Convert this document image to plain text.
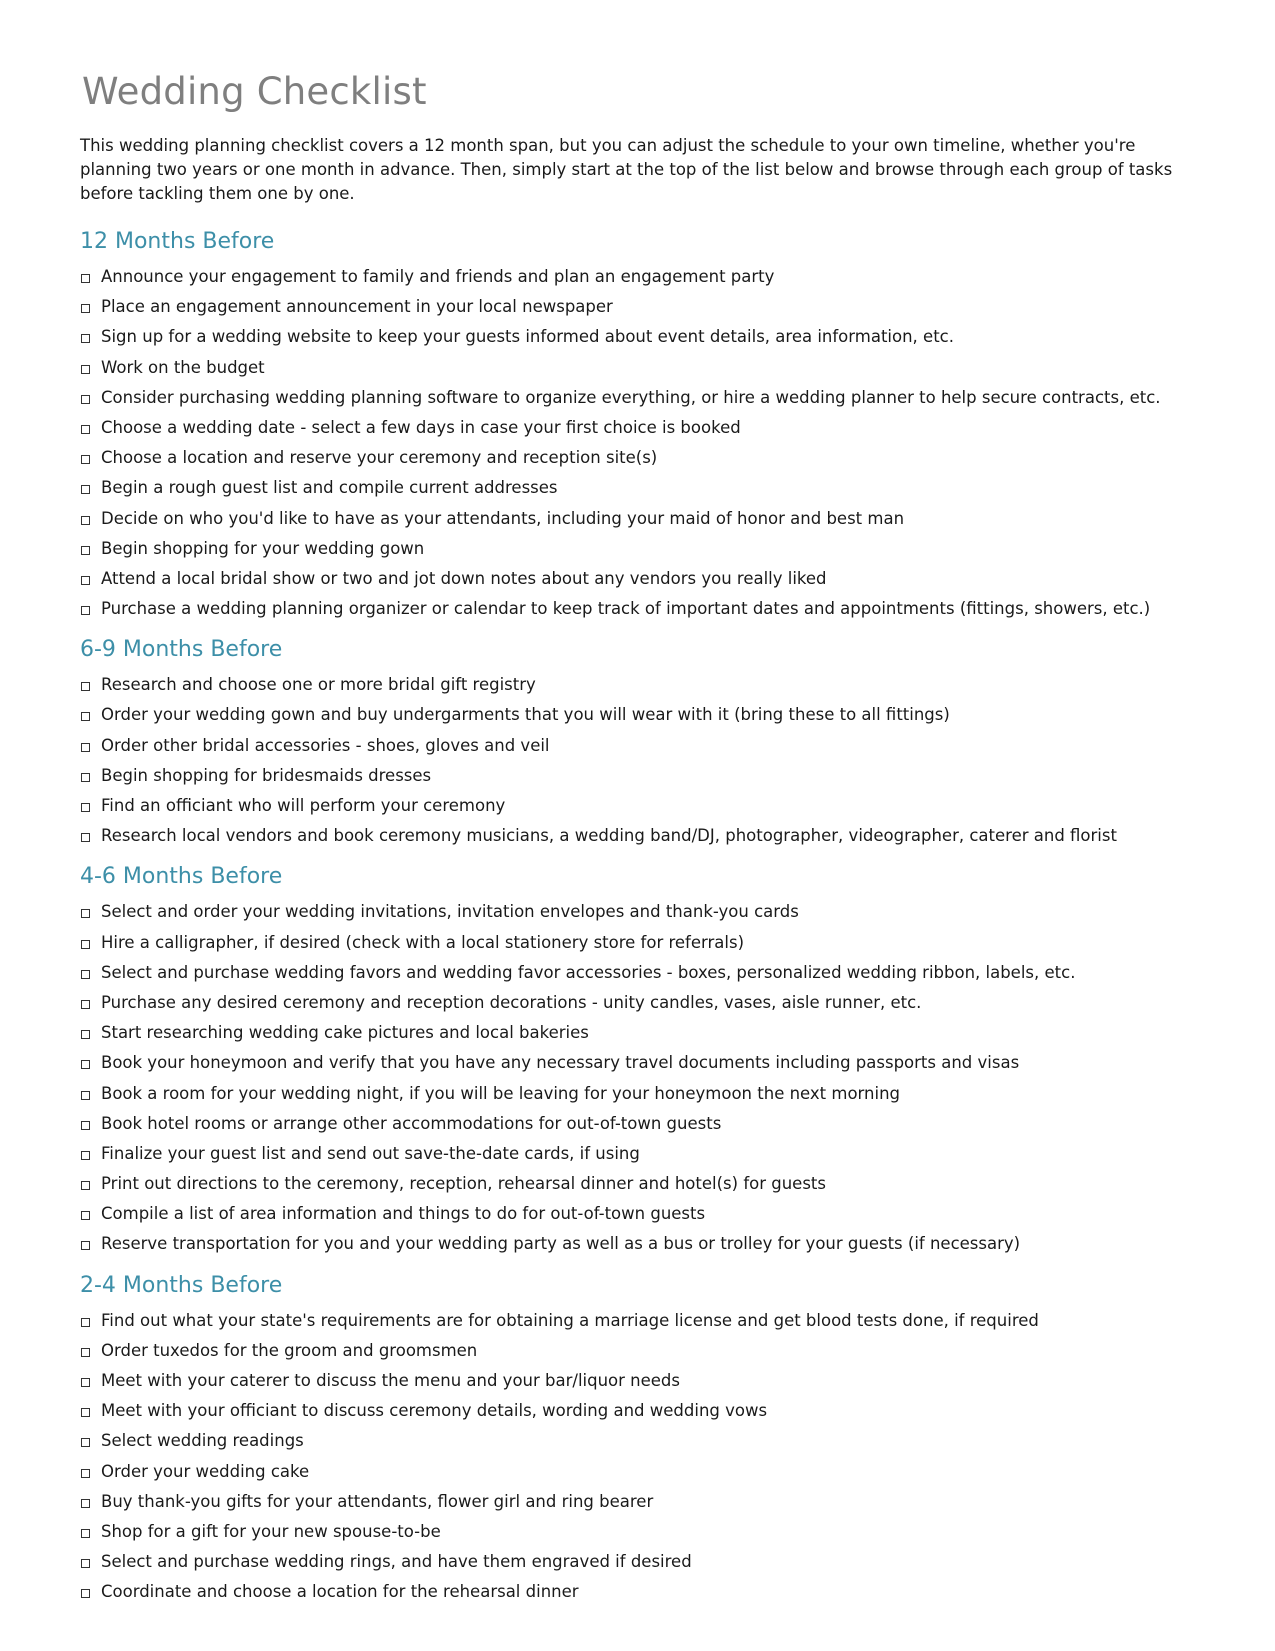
Wedding Checklist

This wedding planning checklist covers a 12 month span, but you can adjust the schedule to your own timeline, whether you're planning two years or one month in advance. Then, simply start at the top of the list below and browse through each group of tasks before tackling them one by one.

12 Months Before
Announce your engagement to family and friends and plan an engagement party
Place an engagement announcement in your local newspaper
Sign up for a wedding website to keep your guests informed about event details, area information, etc.
Work on the budget
Consider purchasing wedding planning software to organize everything, or hire a wedding planner to help secure contracts, etc.
Choose a wedding date - select a few days in case your first choice is booked
Choose a location and reserve your ceremony and reception site(s)
Begin a rough guest list and compile current addresses
Decide on who you'd like to have as your attendants, including your maid of honor and best man
Begin shopping for your wedding gown
Attend a local bridal show or two and jot down notes about any vendors you really liked
Purchase a wedding planning organizer or calendar to keep track of important dates and appointments (fittings, showers, etc.)
6-9 Months Before
Research and choose one or more bridal gift registry
Order your wedding gown and buy undergarments that you will wear with it (bring these to all fittings)
Order other bridal accessories - shoes, gloves and veil
Begin shopping for bridesmaids dresses
Find an officiant who will perform your ceremony
Research local vendors and book ceremony musicians, a wedding band/DJ, photographer, videographer, caterer and florist
4-6 Months Before
Select and order your wedding invitations, invitation envelopes and thank-you cards
Hire a calligrapher, if desired (check with a local stationery store for referrals)
Select and purchase wedding favors and wedding favor accessories - boxes, personalized wedding ribbon, labels, etc.
Purchase any desired ceremony and reception decorations - unity candles, vases, aisle runner, etc.
Start researching wedding cake pictures and local bakeries
Book your honeymoon and verify that you have any necessary travel documents including passports and visas
Book a room for your wedding night, if you will be leaving for your honeymoon the next morning
Book hotel rooms or arrange other accommodations for out-of-town guests
Finalize your guest list and send out save-the-date cards, if using
Print out directions to the ceremony, reception, rehearsal dinner and hotel(s) for guests
Compile a list of area information and things to do for out-of-town guests
Reserve transportation for you and your wedding party as well as a bus or trolley for your guests (if necessary)
2-4 Months Before
Find out what your state's requirements are for obtaining a marriage license and get blood tests done, if required
Order tuxedos for the groom and groomsmen
Meet with your caterer to discuss the menu and your bar/liquor needs
Meet with your officiant to discuss ceremony details, wording and wedding vows
Select wedding readings
Order your wedding cake
Buy thank-you gifts for your attendants, flower girl and ring bearer
Shop for a gift for your new spouse-to-be
Select and purchase wedding rings, and have them engraved if desired
Coordinate and choose a location for the rehearsal dinner
